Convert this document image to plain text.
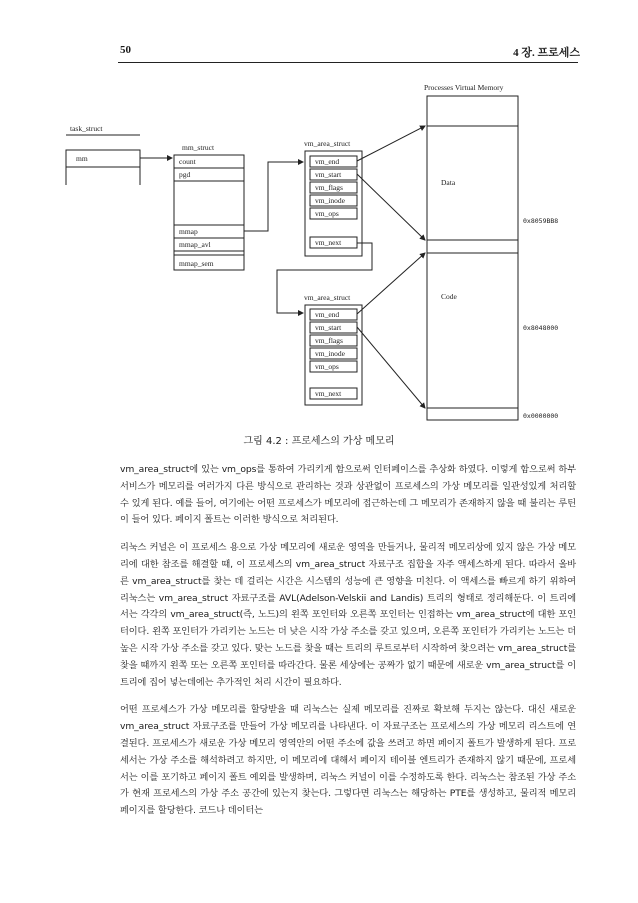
50	4 장. 프로세스
task_struct
mm
mm_struct
count
pgd
mmap
mmap_avl
mmap_sem
vm_area_struct
vm_end
vm_start
vm_flags
vm_inode
vm_ops
vm_next
vm_area_struct
vm_end
vm_start
vm_flags
vm_inode
vm_ops
vm_next
Processes Virtual Memory
Data
Code
0x8059BB8
0x8048000
0x0000000
그림 4.2 : 프로세스의 가상 메모리

vm_area_struct에 있는 vm_ops를 통하여 가리키게 함으로써 인터페이스를 추상화 하였다. 이렇게 함으로써 하부 서비스가 메모리를 여러가지 다른 방식으로 관리하는 것과 상관없이 프로세스의 가상 메모리를 일관성있게 처리할 수 있게 된다. 예를 들어, 여기에는 어떤 프로세스가 메모리에 접근하는데 그 메모리가 존재하지 않을 때 불리는 루틴이 들어 있다. 페이지 폴트는 이러한 방식으로 처리된다.

리눅스 커널은 이 프로세스 용으로 가상 메모리에 새로운 영역을 만들거나, 물리적 메모리상에 있지 않은 가상 메모리에 대한 참조를 해결할 때, 이 프로세스의 vm_area_struct 자료구조 집합을 자주 액세스하게 된다. 따라서 올바른 vm_area_struct를 찾는 데 걸리는 시간은 시스템의 성능에 큰 영향을 미친다. 이 액세스를 빠르게 하기 위하여 리눅스는 vm_area_struct 자료구조를 AVL(Adelson-Velskii and Landis) 트리의 형태로 정리해둔다. 이 트리에서는 각각의 vm_area_struct(즉, 노드)의 왼쪽 포인터와 오른쪽 포인터는 인접하는 vm_area_struct에 대한 포인터이다. 왼쪽 포인터가 가리키는 노드는 더 낮은 시작 가상 주소를 갖고 있으며, 오른쪽 포인터가 가리키는 노드는 더 높은 시작 가상 주소를 갖고 있다. 맞는 노드를 찾을 때는 트리의 루트로부터 시작하여 찾으려는 vm_area_struct를 찾을 때까지 왼쪽 또는 오른쪽 포인터를 따라간다. 물론 세상에는 공짜가 없기 때문에 새로운 vm_area_struct를 이 트리에 집어 넣는데에는 추가적인 처리 시간이 필요하다.

어떤 프로세스가 가상 메모리를 할당받을 때 리눅스는 실제 메모리를 진짜로 확보해 두지는 않는다. 대신 새로운 vm_area_struct 자료구조를 만들어 가상 메모리를 나타낸다. 이 자료구조는 프로세스의 가상 메모리 리스트에 연결된다. 프로세스가 새로운 가상 메모리 영역안의 어떤 주소에 값을 쓰려고 하면 페이지 폴트가 발생하게 된다. 프로세서는 가상 주소를 해석하려고 하지만, 이 메모리에 대해서 페이지 테이블 엔트리가 존재하지 않기 때문에, 프로세서는 이를 포기하고 페이지 폴트 예외를 발생하며, 리눅스 커널이 이를 수정하도록 한다. 리눅스는 참조된 가상 주소가 현재 프로세스의 가상 주소 공간에 있는지 찾는다. 그렇다면 리눅스는 해당하는 PTE를 생성하고, 물리적 메모리 페이지를 할당한다. 코드나 데이터는
